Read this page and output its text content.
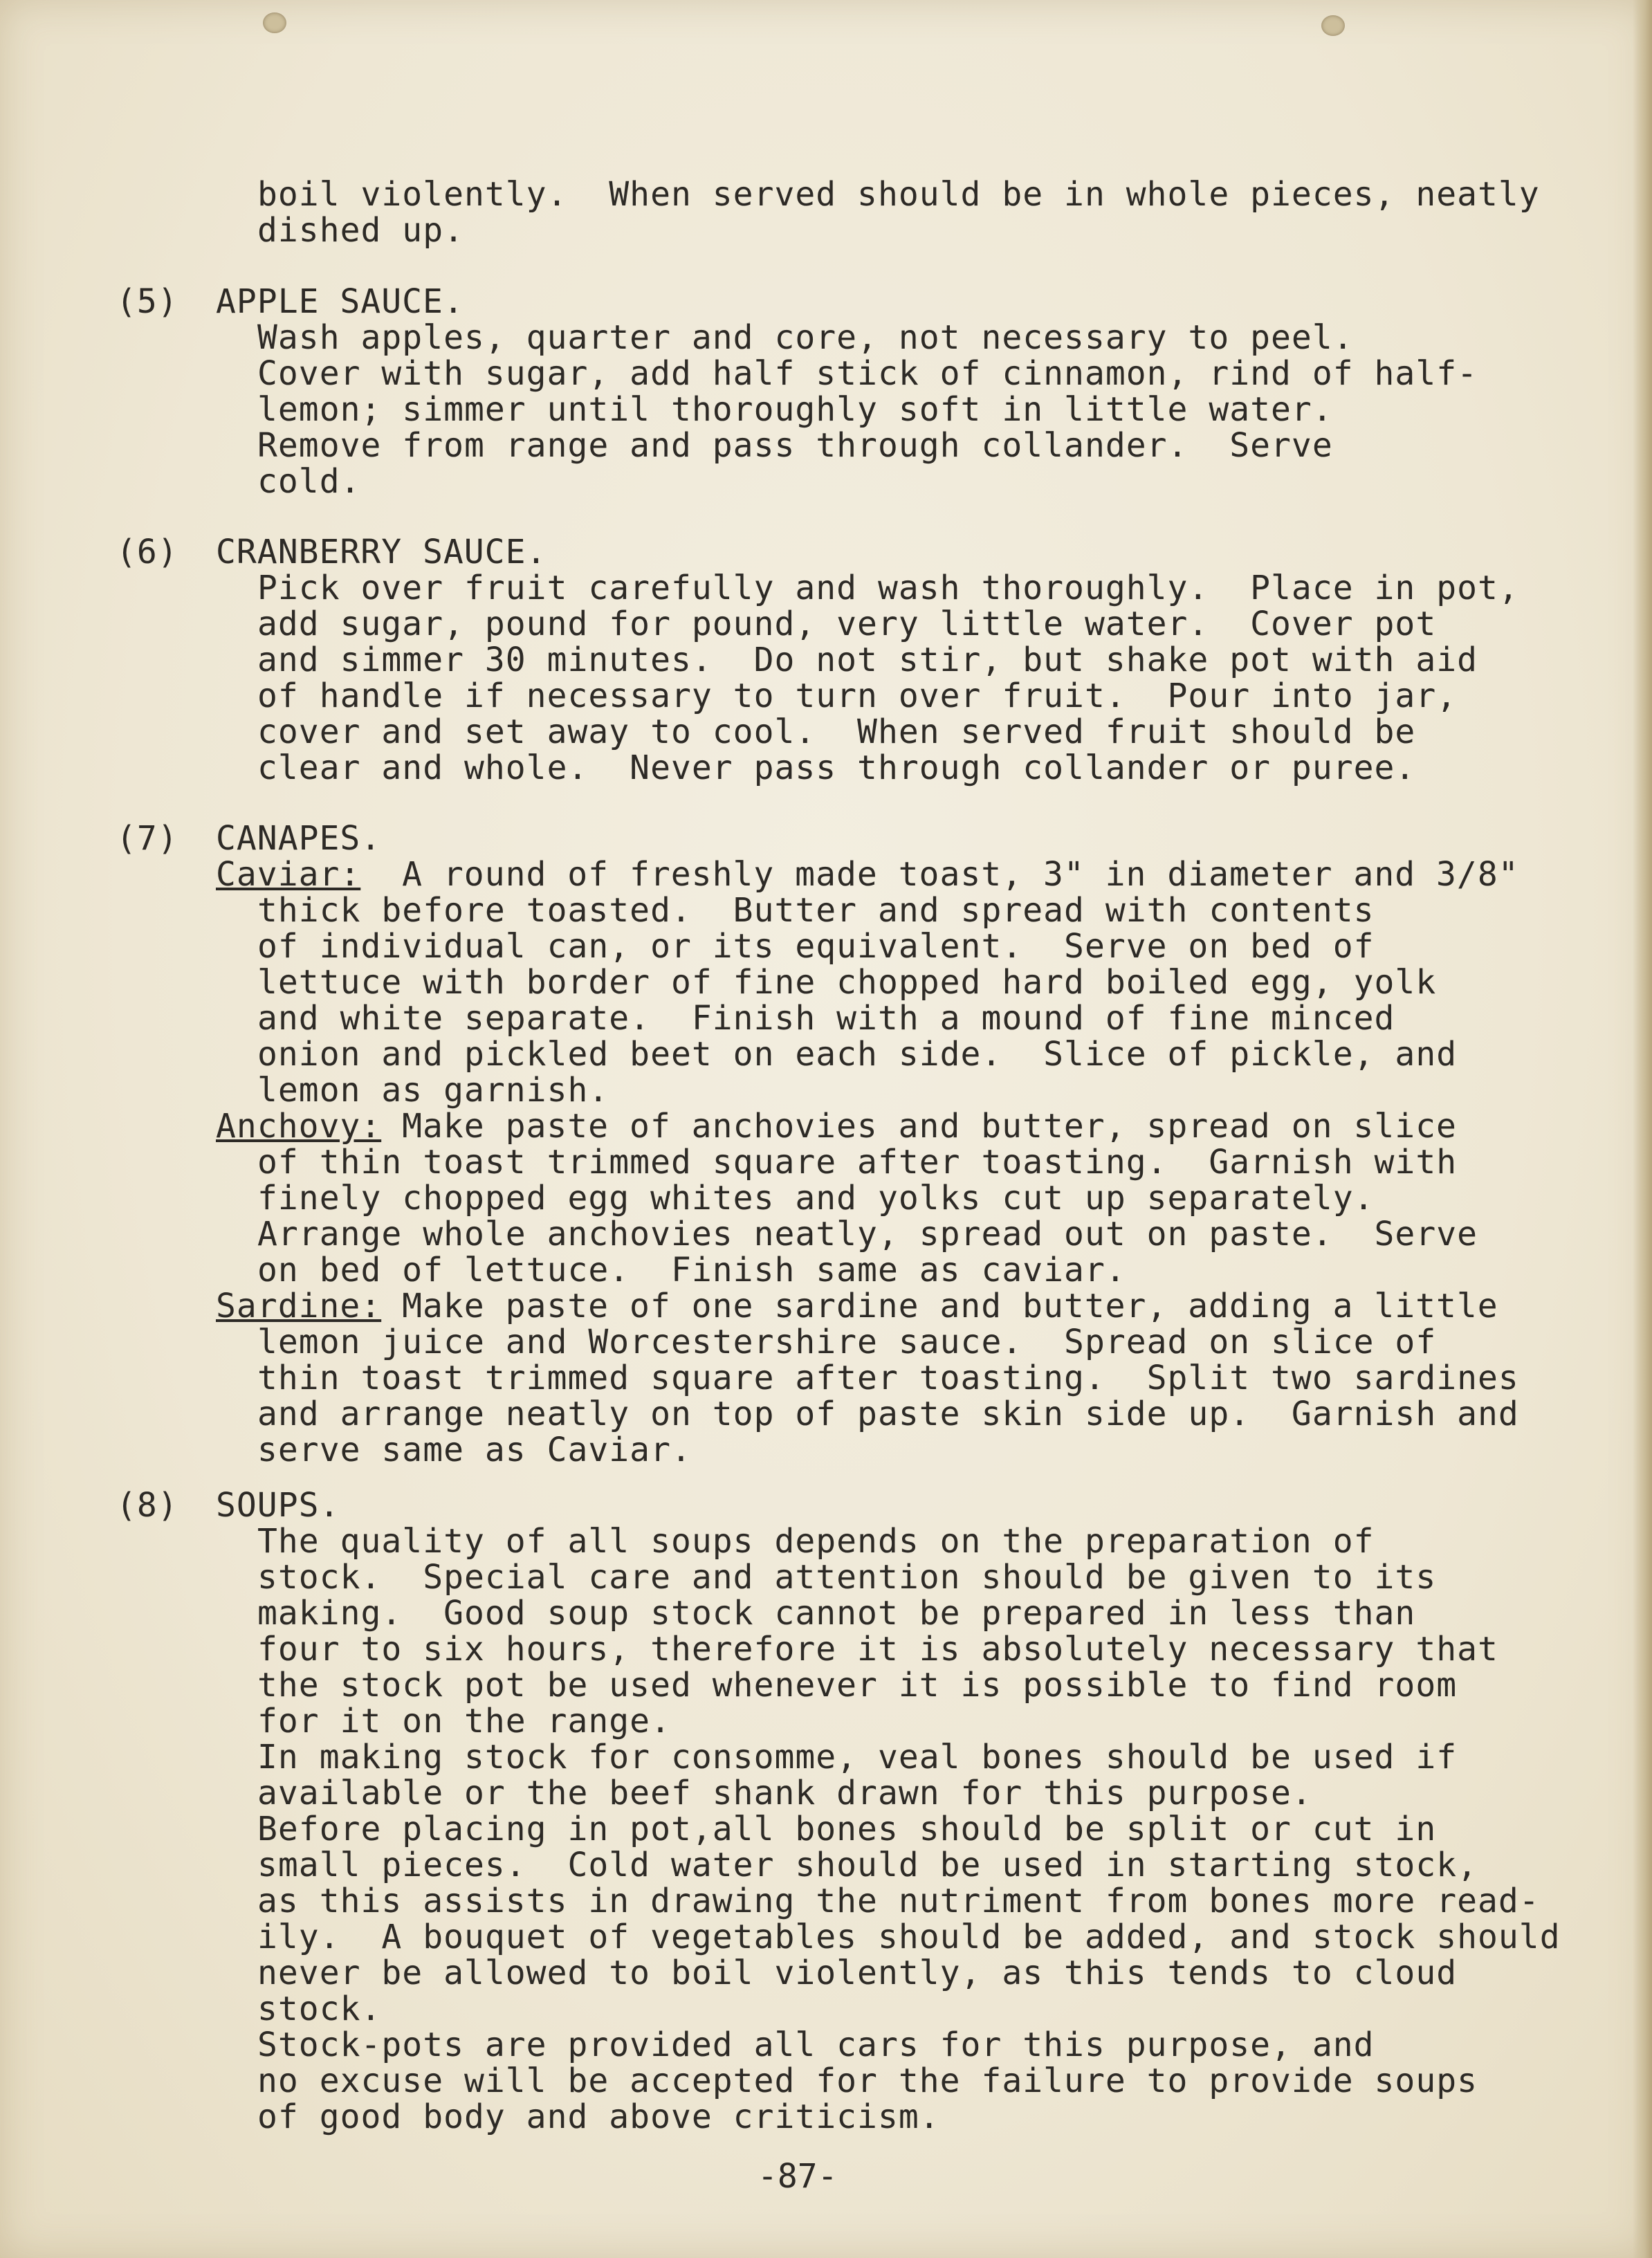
boil violently.  When served should be in whole pieces, neatly
dished up.
(5) APPLE SAUCE.
Wash apples, quarter and core, not necessary to peel.
Cover with sugar, add half stick of cinnamon, rind of half-
lemon; simmer until thoroughly soft in little water.
Remove from range and pass through collander.  Serve
cold.
(6) CRANBERRY SAUCE.
Pick over fruit carefully and wash thoroughly.  Place in pot,
add sugar, pound for pound, very little water.  Cover pot
and simmer 30 minutes.  Do not stir, but shake pot with aid
of handle if necessary to turn over fruit.  Pour into jar,
cover and set away to cool.  When served fruit should be
clear and whole.  Never pass through collander or puree.
(7) CANAPES.
Caviar:  A round of freshly made toast, 3" in diameter and 3/8"
thick before toasted.  Butter and spread with contents
of individual can, or its equivalent.  Serve on bed of
lettuce with border of fine chopped hard boiled egg, yolk
and white separate.  Finish with a mound of fine minced
onion and pickled beet on each side.  Slice of pickle, and
lemon as garnish.
Anchovy: Make paste of anchovies and butter, spread on slice
of thin toast trimmed square after toasting.  Garnish with
finely chopped egg whites and yolks cut up separately.
Arrange whole anchovies neatly, spread out on paste.  Serve
on bed of lettuce.  Finish same as caviar.
Sardine: Make paste of one sardine and butter, adding a little
lemon juice and Worcestershire sauce.  Spread on slice of
thin toast trimmed square after toasting.  Split two sardines
and arrange neatly on top of paste skin side up.  Garnish and
serve same as Caviar.
(8) SOUPS.
The quality of all soups depends on the preparation of
stock.  Special care and attention should be given to its
making.  Good soup stock cannot be prepared in less than
four to six hours, therefore it is absolutely necessary that
the stock pot be used whenever it is possible to find room
for it on the range.
In making stock for consomme, veal bones should be used if
available or the beef shank drawn for this purpose.
Before placing in pot,all bones should be split or cut in
small pieces.  Cold water should be used in starting stock,
as this assists in drawing the nutriment from bones more read-
ily.  A bouquet of vegetables should be added, and stock should
never be allowed to boil violently, as this tends to cloud
stock.
Stock-pots are provided all cars for this purpose, and
no excuse will be accepted for the failure to provide soups
of good body and above criticism.
-87-
